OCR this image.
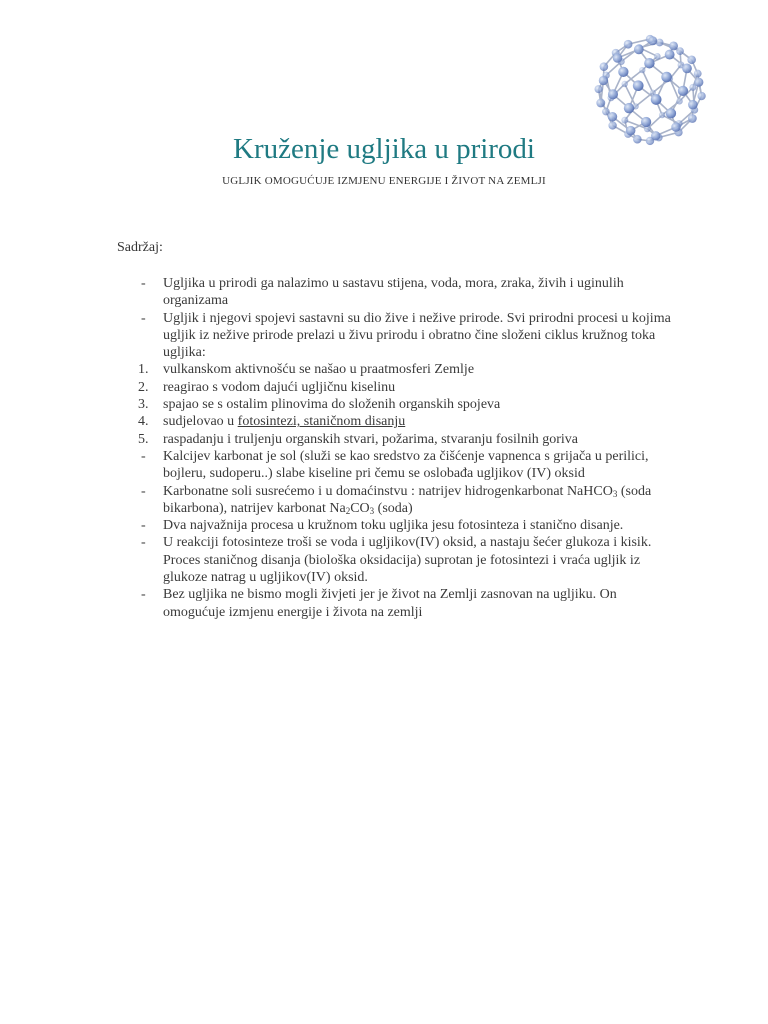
Kruženje ugljika u prirodi

UGLJIK OMOGUĆUJE IZMJENU ENERGIJE I ŽIVOT NA ZEMLJI

Sadržaj:
-	Ugljika u prirodi ga nalazimo u sastavu stijena, voda, mora, zraka, živih i uginulih organizama
-	Ugljik i njegovi spojevi sastavni su dio žive i nežive prirode. Svi prirodni procesi u kojima ugljik iz nežive prirode prelazi u živu prirodu i obratno čine složeni ciklus kružnog toka ugljika:
1.	vulkanskom aktivnošću se našao u praatmosferi Zemlje
2.	reagirao s vodom dajući ugljičnu kiselinu
3.	spajao se s ostalim plinovima do složenih organskih spojeva
4.	sudjelovao u fotosintezi, staničnom disanju
5.	raspadanju i truljenju organskih stvari, požarima, stvaranju fosilnih goriva
-	Kalcijev karbonat je sol (služi se kao sredstvo za čišćenje vapnenca s grijača u perilici, bojleru, sudoperu..) slabe kiseline pri čemu se oslobađa ugljikov (IV) oksid
-	Karbonatne soli susrećemo i u domaćinstvu : natrijev hidrogenkarbonat NaHCO$_3$ (soda bikarbona), natrijev karbonat $Na_2CO_3$ (soda)
-	Dva najvažnija procesa u kružnom toku ugljika jesu fotosinteza i stanično disanje.
-	U reakciji fotosinteze troši se voda i ugljikov(IV) oksid, a nastaju šećer glukoza i kisik. Proces staničnog disanja (biološka oksidacija) suprotan je fotosintezi i vraća ugljik iz glukoze natrag u ugljikov(IV) oksid.
-	Bez ugljika ne bismo mogli živjeti jer je život na Zemlji zasnovan na ugljiku. On omogućuje izmjenu energije i života na zemlji
